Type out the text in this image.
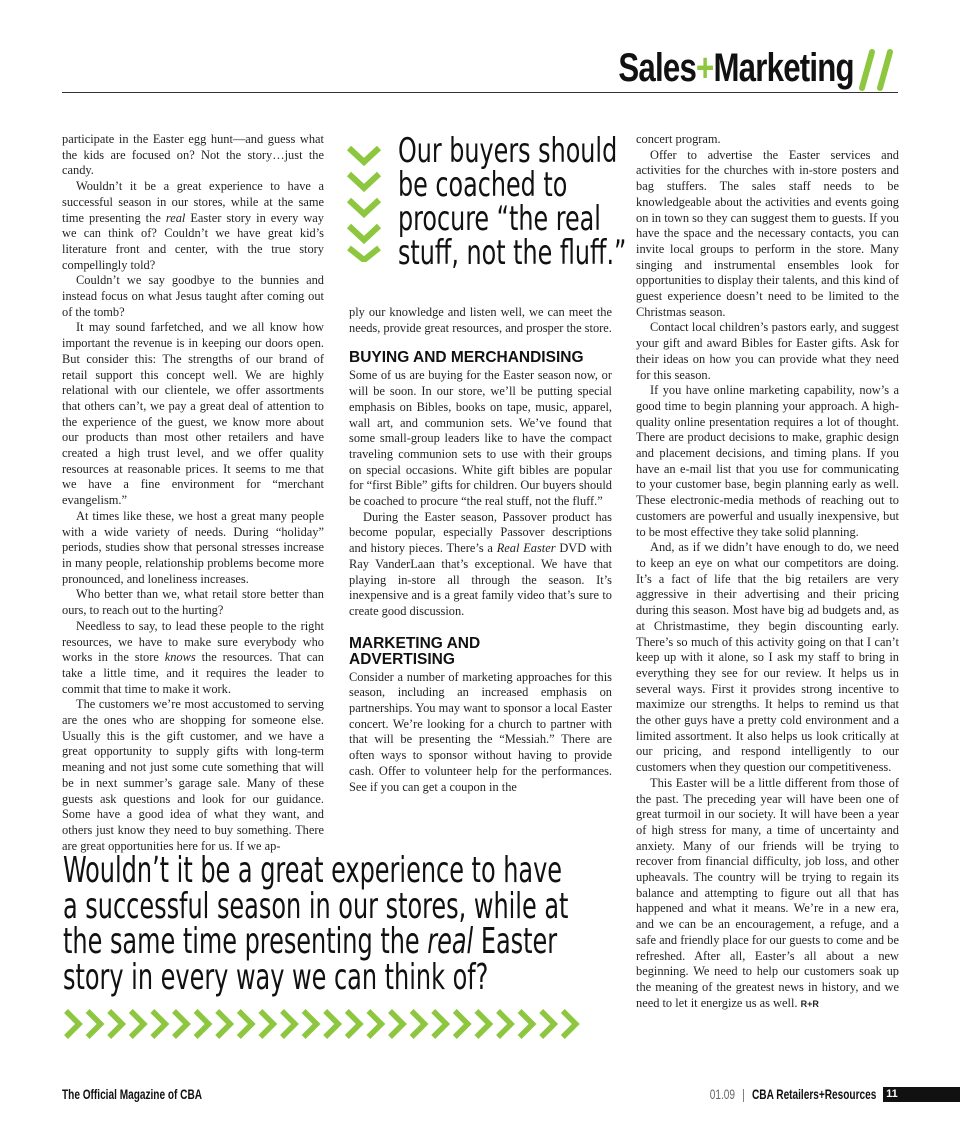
Sales+Marketing

participate in the Easter egg hunt—and guess what the kids are focused on? Not the story…just the candy.

Wouldn’t it be a great experience to have a successful season in our stores, while at the same time presenting the real Easter story in every way we can think of? Couldn’t we have great kid’s literature front and center, with the true story compellingly told?

Couldn’t we say goodbye to the bunnies and instead focus on what Jesus taught after coming out of the tomb?

It may sound farfetched, and we all know how important the revenue is in keeping our doors open. But consider this: The strengths of our brand of retail support this concept well. We are highly relational with our clientele, we offer assortments that others can’t, we pay a great deal of attention to the experience of the guest, we know more about our products than most other retailers and have created a high trust level, and we offer quality resources at reasonable prices. It seems to me that we have a fine environment for “merchant evangelism.”

At times like these, we host a great many people with a wide variety of needs. During “holiday” periods, studies show that personal stresses increase in many people, relationship problems become more pronounced, and loneliness increases.

Who better than we, what retail store better than ours, to reach out to the hurting?

Needless to say, to lead these people to the right resources, we have to make sure everybody who works in the store knows the resources. That can take a little time, and it requires the leader to commit that time to make it work.

The customers we’re most accustomed to serving are the ones who are shopping for someone else. Usually this is the gift customer, and we have a great opportunity to supply gifts with long-term meaning and not just some cute something that will be in next summer’s garage sale. Many of these guests ask questions and look for our guidance. Some have a good idea of what they want, and others just know they need to buy something. There are great opportunities here for us. If we ap-

Our buyers should
be coached to
procure “the real
stuff, not the fluff.”

ply our knowledge and listen well, we can meet the needs, provide great resources, and prosper the store.

BUYING AND MERCHANDISING

Some of us are buying for the Easter season now, or will be soon. In our store, we’ll be putting special emphasis on Bibles, books on tape, music, apparel, wall art, and communion sets. We’ve found that some small-group leaders like to have the compact traveling communion sets to use with their groups on special occasions. White gift bibles are popular for “first Bible” gifts for children. Our buyers should be coached to procure “the real stuff, not the fluff.”

During the Easter season, Passover product has become popular, especially Passover descriptions and history pieces. There’s a Real Easter DVD with Ray VanderLaan that’s exceptional. We have that playing in-store all through the season. It’s inexpensive and is a great family video that’s sure to create good discussion.

MARKETING AND
ADVERTISING

Consider a number of marketing approaches for this season, including an increased emphasis on partnerships. You may want to sponsor a local Easter concert. We’re looking for a church to partner with that will be presenting the “Messiah.” There are often ways to sponsor without having to provide cash. Offer to volunteer help for the performances. See if you can get a coupon in the

concert program.

Offer to advertise the Easter services and activities for the churches with in-store posters and bag stuffers. The sales staff needs to be knowledgeable about the activities and events going on in town so they can suggest them to guests. If you have the space and the necessary contacts, you can invite local groups to perform in the store. Many singing and instrumental ensembles look for opportunities to display their talents, and this kind of guest experience doesn’t need to be limited to the Christmas season.

Contact local children’s pastors early, and suggest your gift and award Bibles for Easter gifts. Ask for their ideas on how you can provide what they need for this season.

If you have online marketing capability, now’s a good time to begin planning your approach. A high-quality online presentation requires a lot of thought. There are product decisions to make, graphic design and placement decisions, and timing plans. If you have an e-mail list that you use for communicating to your customer base, begin planning early as well. These electronic-media methods of reaching out to customers are powerful and usually inexpensive, but to be most effective they take solid planning.

And, as if we didn’t have enough to do, we need to keep an eye on what our competitors are doing. It’s a fact of life that the big retailers are very aggressive in their advertising and their pricing during this season. Most have big ad budgets and, as at Christmastime, they begin discounting early. There’s so much of this activity going on that I can’t keep up with it alone, so I ask my staff to bring in everything they see for our review. It helps us in several ways. First it provides strong incentive to maximize our strengths. It helps to remind us that the other guys have a pretty cold environment and a limited assortment. It also helps us look critically at our pricing, and respond intelligently to our customers when they question our competitiveness.

This Easter will be a little different from those of the past. The preceding year will have been one of great turmoil in our society. It will have been a year of high stress for many, a time of uncertainty and anxiety. Many of our friends will be trying to recover from financial difficulty, job loss, and other upheavals. The country will be trying to regain its balance and attempting to figure out all that has happened and what it means. We’re in a new era, and we can be an encouragement, a refuge, and a safe and friendly place for our guests to come and be refreshed. After all, Easter’s all about a new beginning. We need to help our customers soak up the meaning of the greatest news in history, and we need to let it energize us as well. R+R

Wouldn’t it be a great experience to have
a successful season in our stores, while at
the same time presenting the real Easter
story in every way we can think of?
The Official Magazine of CBA	01.09 | CBA Retailers+Resources 11
